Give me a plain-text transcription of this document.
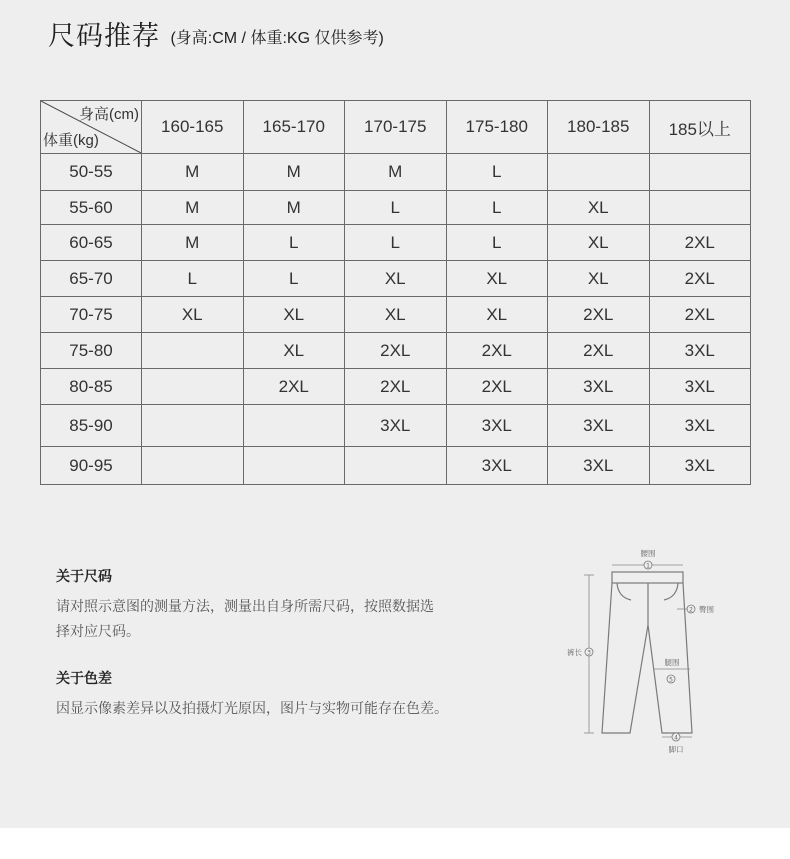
尺码推荐 (身高:CM / 体重:KG 仅供参考)
身高(cm)
体重(kg)	160-165	165-170	170-175	175-180	180-185	185以上
50-55	M	M	M	L		
55-60	M	M	L	L	XL	
60-65	M	L	L	L	XL	2XL
65-70	L	L	XL	XL	XL	2XL
70-75	XL	XL	XL	XL	2XL	2XL
75-80		XL	2XL	2XL	2XL	3XL
80-85		2XL	2XL	2XL	3XL	3XL
85-90			3XL	3XL	3XL	3XL
90-95				3XL	3XL	3XL
关于尺码
请对照示意图的测量方法，测量出自身所需尺码，按照数据选
择对应尺码。
关于色差
因显示像素差异以及拍摄灯光原因，图片与实物可能存在色差。
腰围
1
2 臀围
裤长 3
腿围
5
4
脚口
